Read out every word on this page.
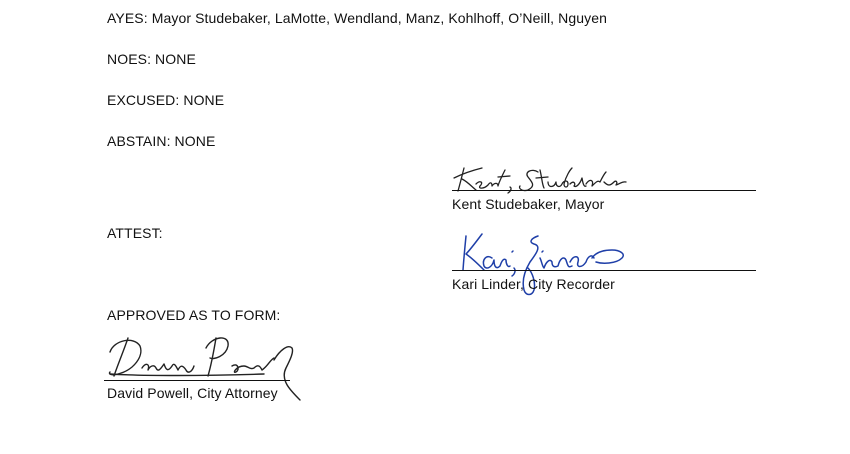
AYES: Mayor Studebaker, LaMotte, Wendland, Manz, Kohlhoff, O’Neill, Nguyen
NOES: NONE
EXCUSED: NONE
ABSTAIN: NONE
Kent Studebaker, Mayor
ATTEST:
Kari Linder, City Recorder
APPROVED AS TO FORM:
David Powell, City Attorney
